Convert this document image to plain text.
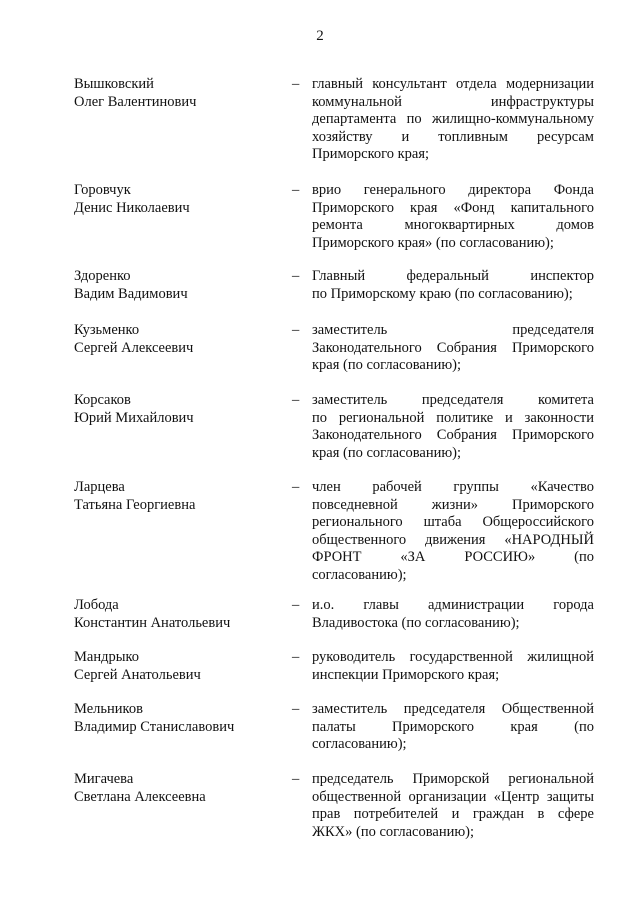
2
Вышковский
Олег Валентинович
– главный консультант отдела модернизации
коммунальной	инфраструктуры
департамента по жилищно-коммунальному
хозяйству и топливным ресурсам
Приморского края;
Горовчук
Денис Николаевич
– врио генерального директора Фонда
Приморского края «Фонд капитального
ремонта	многоквартирных	домов
Приморского края» (по согласованию);
Здоренко
Вадим Вадимович
– Главный	федеральный	инспектор
по Приморскому краю (по согласованию);
Кузьменко
Сергей Алексеевич
– заместитель	председателя
Законодательного Собрания Приморского
края (по согласованию);
Корсаков
Юрий Михайлович
– заместитель председателя комитета
по региональной политике и законности
Законодательного Собрания Приморского
края (по согласованию);
Ларцева
Татьяна Георгиевна
– член рабочей группы «Качество
повседневной жизни» Приморского
регионального штаба Общероссийского
общественного движения «НАРОДНЫЙ
ФРОНТ	«ЗА	РОССИЮ»	(по
согласованию);
Лобода
Константин Анатольевич
– и.о. главы администрации города
Владивостока (по согласованию);
Мандрыко
Сергей Анатольевич
– руководитель государственной жилищной
инспекции Приморского края;
Мельников
Владимир Станиславович
– заместитель председателя Общественной
палаты	Приморского	края	(по
согласованию);
Мигачева
Светлана Алексеевна
– председатель Приморской региональной
общественной организации «Центр защиты
прав потребителей и граждан в сфере
ЖКХ» (по согласованию);
